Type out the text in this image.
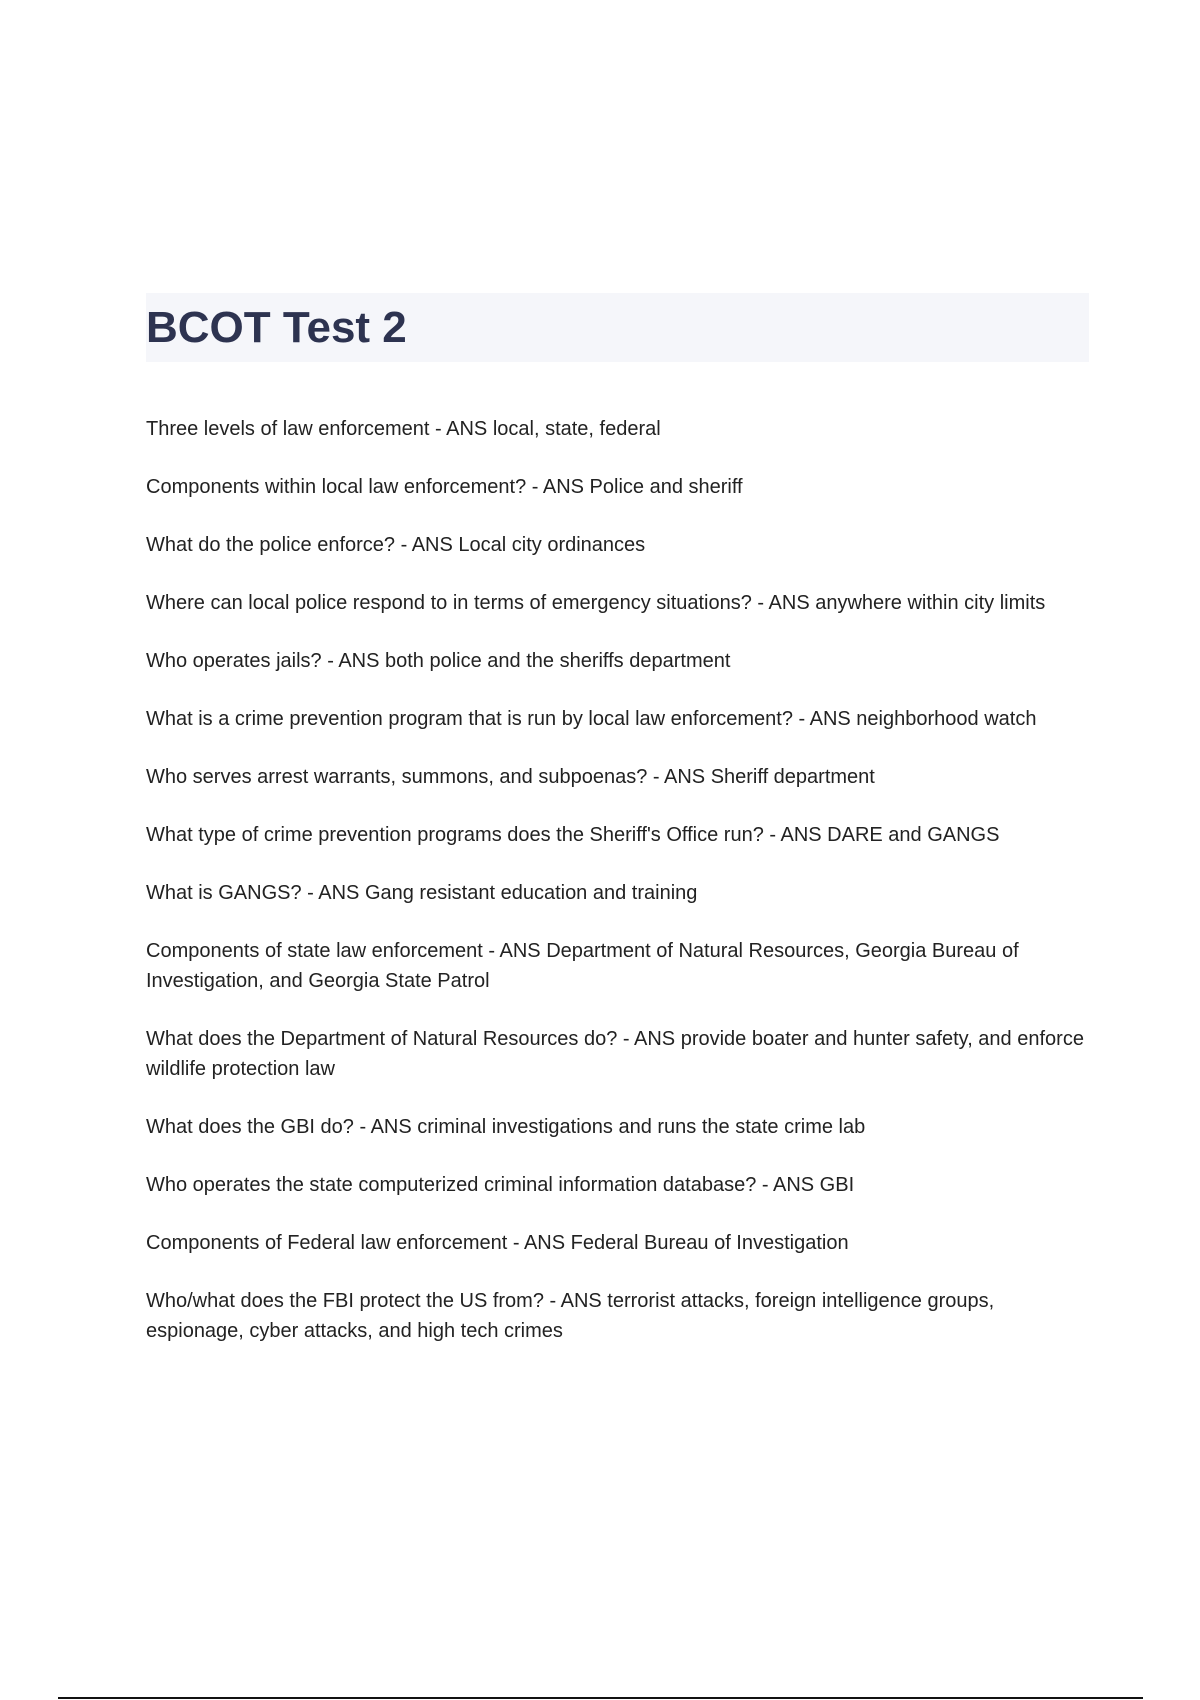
BCOT Test 2
Three levels of law enforcement - ANS local, state, federal
Components within local law enforcement? - ANS Police and sheriff
What do the police enforce? - ANS Local city ordinances
Where can local police respond to in terms of emergency situations? - ANS anywhere within city limits
Who operates jails? - ANS both police and the sheriffs department
What is a crime prevention program that is run by local law enforcement? - ANS neighborhood watch
Who serves arrest warrants, summons, and subpoenas? - ANS Sheriff department
What type of crime prevention programs does the Sheriff's Office run? - ANS DARE and GANGS
What is GANGS? - ANS Gang resistant education and training
Components of state law enforcement - ANS Department of Natural Resources, Georgia Bureau of Investigation, and Georgia State Patrol
What does the Department of Natural Resources do? - ANS provide boater and hunter safety, and enforce wildlife protection law
What does the GBI do? - ANS criminal investigations and runs the state crime lab
Who operates the state computerized criminal information database? - ANS GBI
Components of Federal law enforcement - ANS Federal Bureau of Investigation
Who/what does the FBI protect the US from? - ANS terrorist attacks, foreign intelligence groups, espionage, cyber attacks, and high tech crimes
